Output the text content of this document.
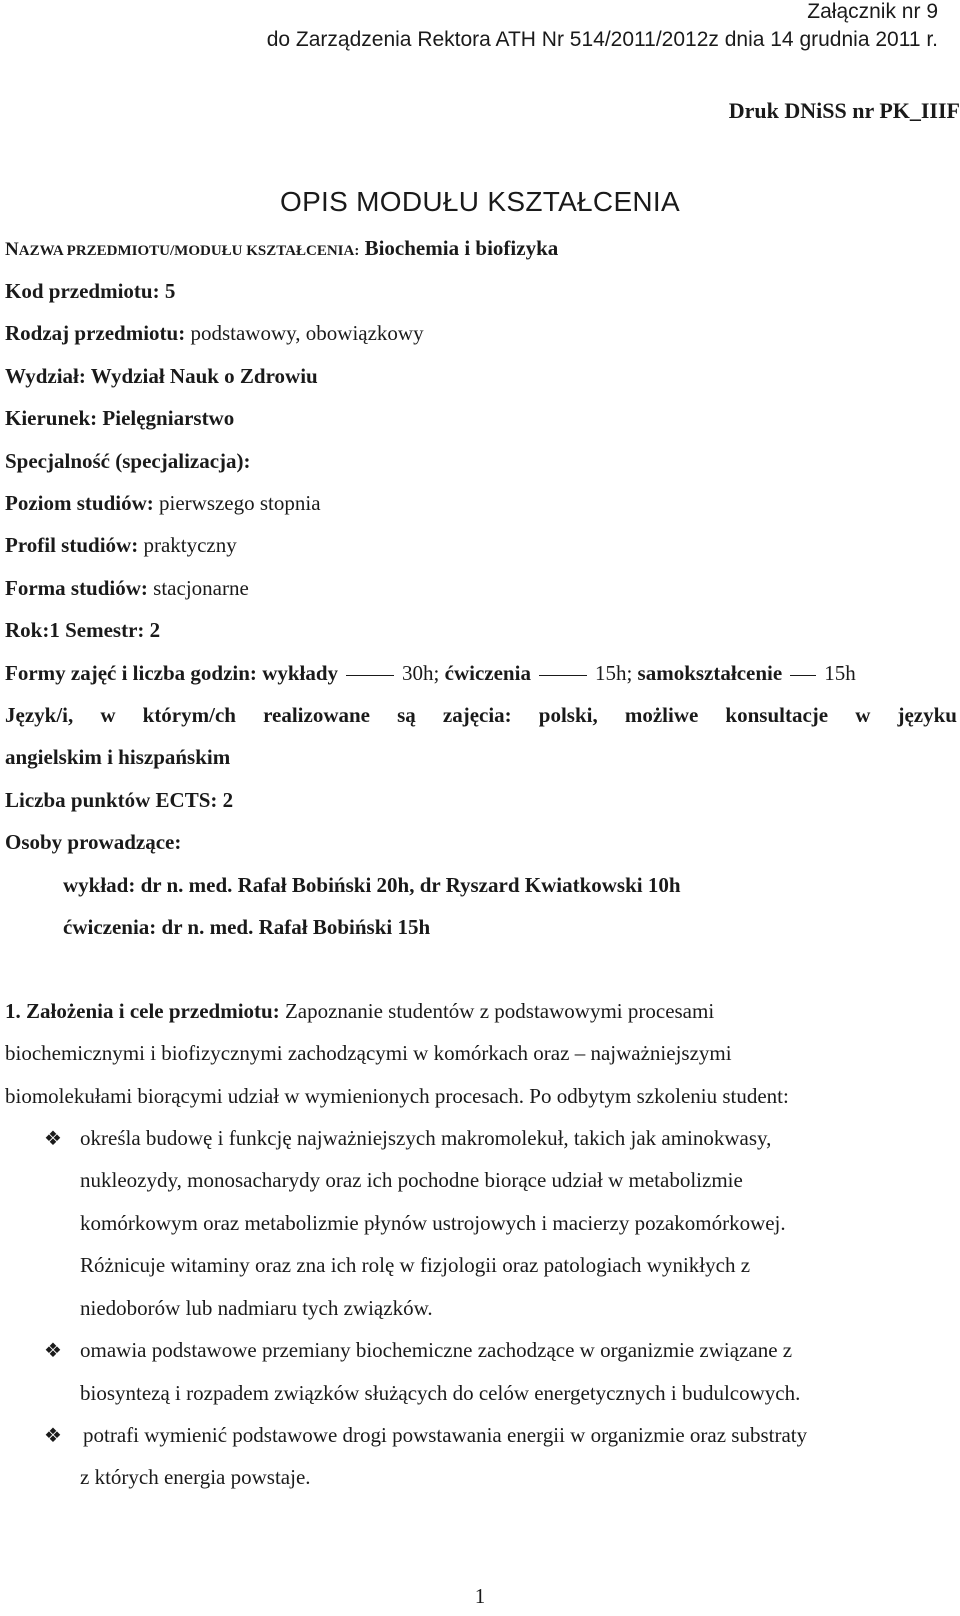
Załącznik nr 9
do Zarządzenia Rektora ATH Nr 514/2011/2012z dnia 14 grudnia 2011 r.
Druk DNiSS nr PK_IIIF
OPIS MODUŁU KSZTAŁCENIA
NAZWA PRZEDMIOTU/MODUŁU KSZTAŁCENIA: Biochemia i biofizyka
Kod przedmiotu: 5
Rodzaj przedmiotu: podstawowy, obowiązkowy
Wydział: Wydział Nauk o Zdrowiu
Kierunek: Pielęgniarstwo
Specjalność (specjalizacja):
Poziom studiów: pierwszego stopnia
Profil studiów: praktyczny
Forma studiów: stacjonarne
Rok:1 Semestr: 2
Formy zajęć i liczba godzin: wykłady	30h; ćwiczenia	15h; samokształcenie 15h
Język/i, w którym/ch realizowane są zajęcia: polski, możliwe konsultacje w języku
angielskim i hiszpańskim
Liczba punktów ECTS: 2
Osoby prowadzące:
wykład: dr n. med. Rafał Bobiński 20h, dr Ryszard Kwiatkowski 10h
ćwiczenia: dr n. med. Rafał Bobiński 15h
1. Założenia i cele przedmiotu: Zapoznanie studentów z podstawowymi procesami
biochemicznymi i biofizycznymi zachodzącymi w komórkach oraz – najważniejszymi
biomolekułami biorącymi udział w wymienionych procesach. Po odbytym szkoleniu student:
❖ określa budowę i funkcję najważniejszych makromolekuł, takich jak aminokwasy,
nukleozydy, monosacharydy oraz ich pochodne biorące udział w metabolizmie
komórkowym oraz metabolizmie płynów ustrojowych i macierzy pozakomórkowej.
Różnicuje witaminy oraz zna ich rolę w fizjologii oraz patologiach wynikłych z
niedoborów lub nadmiaru tych związków.
❖ omawia podstawowe przemiany biochemiczne zachodzące w organizmie związane z
biosyntezą i rozpadem związków służących do celów energetycznych i budulcowych.
❖ potrafi wymienić podstawowe drogi powstawania energii w organizmie oraz substraty
z których energia powstaje.
1
